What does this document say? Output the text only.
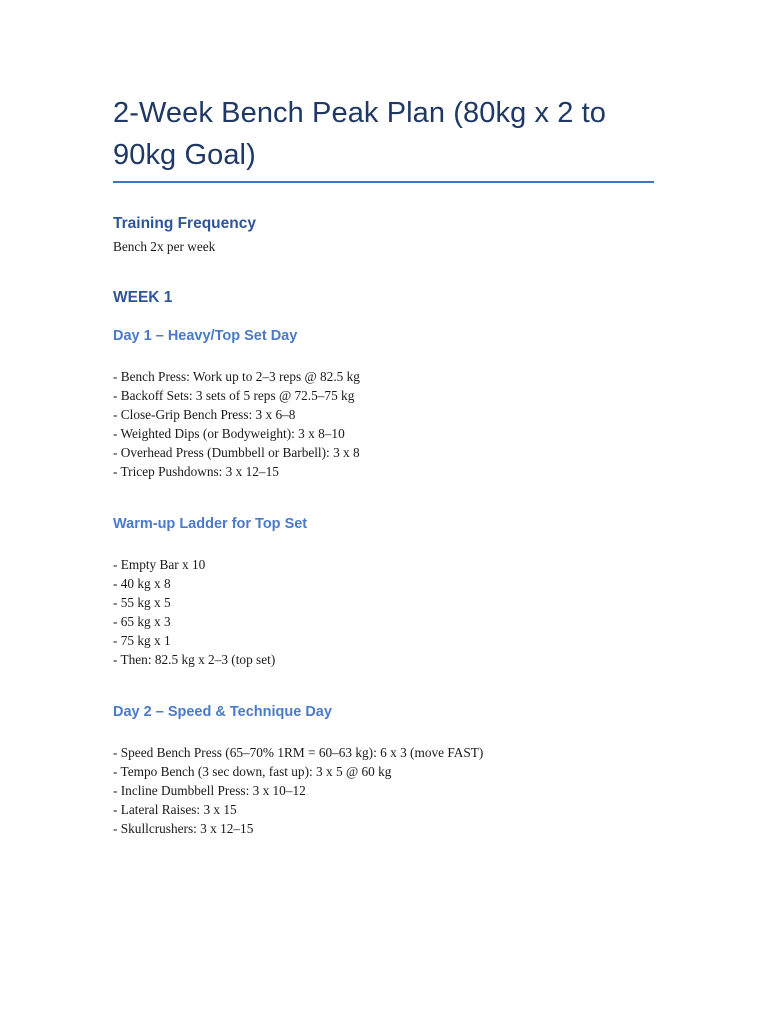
2-Week Bench Peak Plan (80kg x 2 to 90kg Goal)
Training Frequency

Bench 2x per week

WEEK 1
Day 1 – Heavy/Top Set Day
- Bench Press: Work up to 2–3 reps @ 82.5 kg
- Backoff Sets: 3 sets of 5 reps @ 72.5–75 kg
- Close-Grip Bench Press: 3 x 6–8
- Weighted Dips (or Bodyweight): 3 x 8–10
- Overhead Press (Dumbbell or Barbell): 3 x 8
- Tricep Pushdowns: 3 x 12–15
Warm-up Ladder for Top Set
- Empty Bar x 10
- 40 kg x 8
- 55 kg x 5
- 65 kg x 3
- 75 kg x 1
- Then: 82.5 kg x 2–3 (top set)
Day 2 – Speed & Technique Day
- Speed Bench Press (65–70% 1RM = 60–63 kg): 6 x 3 (move FAST)
- Tempo Bench (3 sec down, fast up): 3 x 5 @ 60 kg
- Incline Dumbbell Press: 3 x 10–12
- Lateral Raises: 3 x 15
- Skullcrushers: 3 x 12–15
